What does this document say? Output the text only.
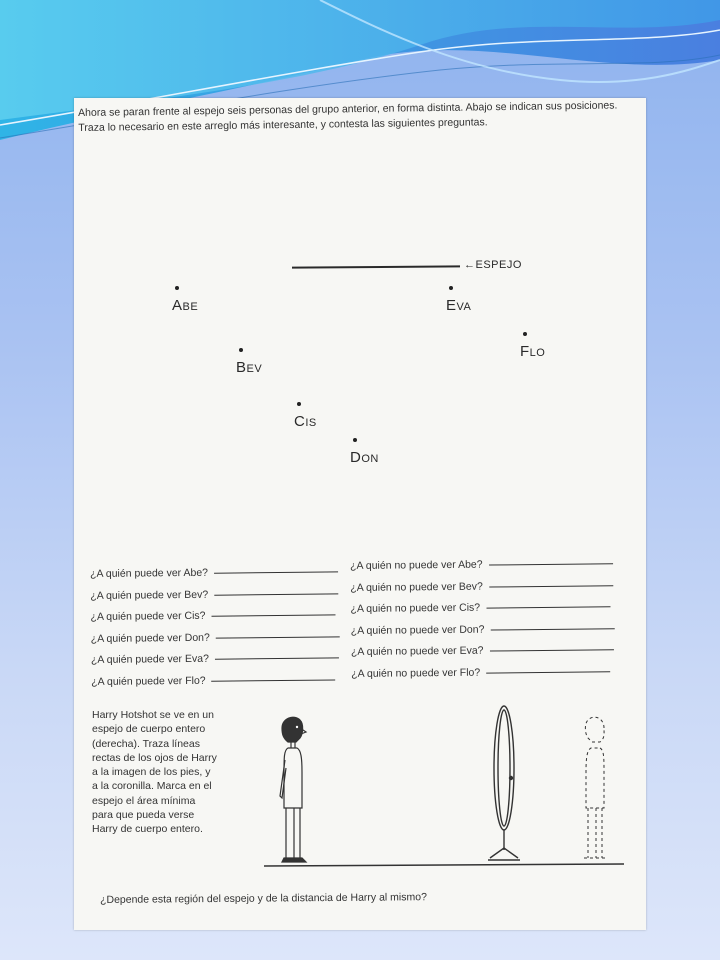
Ahora se paran frente al espejo seis personas del grupo anterior, en forma distinta. Abajo se indican sus posiciones. Traza lo necesario en este arreglo más interesante, y contesta las siguientes preguntas.
←ESPEJO
Abe	Eva
Flo
Bev
Cis
Don
¿A quién puede ver Abe?
¿A quién puede ver Bev?
¿A quién puede ver Cis?
¿A quién puede ver Don?
¿A quién puede ver Eva?
¿A quién puede ver Flo?
¿A quién no puede ver Abe?
¿A quién no puede ver Bev?
¿A quién no puede ver Cis?
¿A quién no puede ver Don?
¿A quién no puede ver Eva?
¿A quién no puede ver Flo?
Harry Hotshot se ve en un espejo de cuerpo entero (derecha). Traza líneas rectas de los ojos de Harry a la imagen de los pies, y a la coronilla. Marca en el espejo el área mínima para que pueda verse Harry de cuerpo entero.
¿Depende esta región del espejo y de la distancia de Harry al mismo?
